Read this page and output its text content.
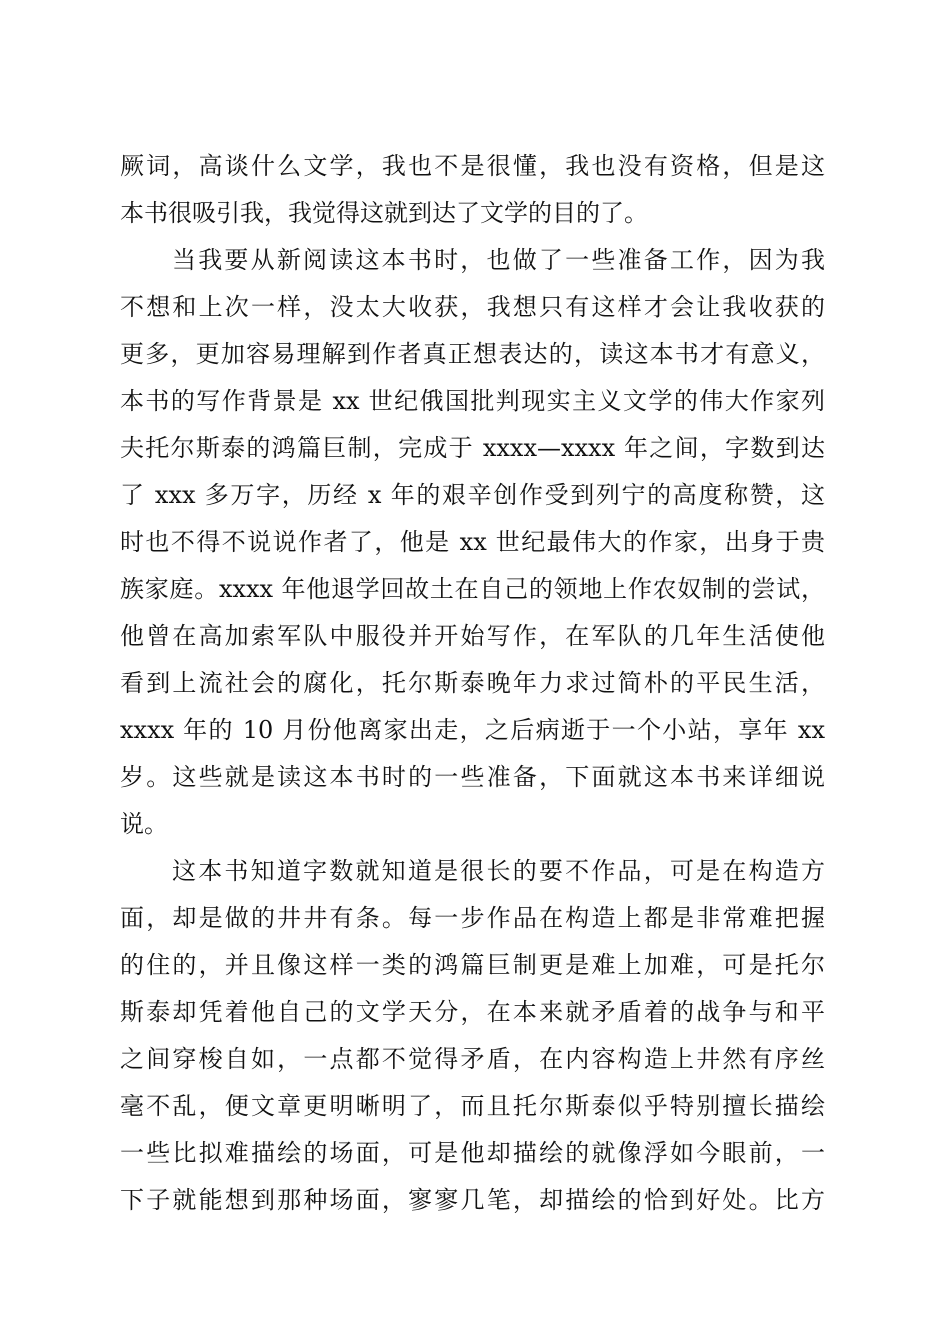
厥词，高谈什么文学，我也不是很懂，我也没有资格，但是这
本书很吸引我，我觉得这就到达了文学的目的了。
当我要从新阅读这本书时，也做了一些准备工作，因为我
不想和上次一样，没太大收获，我想只有这样才会让我收获的
更多，更加容易理解到作者真正想表达的，读这本书才有意义，
本书的写作背景是 xx 世纪俄国批判现实主义文学的伟大作家列
夫托尔斯泰的鸿篇巨制，完成于 xxxx—xxxx 年之间，字数到达
了 xxx 多万字，历经 x 年的艰辛创作受到列宁的高度称赞，这
时也不得不说说作者了，他是 xx 世纪最伟大的作家，出身于贵
族家庭。xxxx 年他退学回故土在自己的领地上作农奴制的尝试，
他曾在高加索军队中服役并开始写作，在军队的几年生活使他
看到上流社会的腐化，托尔斯泰晚年力求过简朴的平民生活，
xxxx 年的 10 月份他离家出走，之后病逝于一个小站，享年 xx
岁。这些就是读这本书时的一些准备，下面就这本书来详细说
说。
这本书知道字数就知道是很长的要不作品，可是在构造方
面，却是做的井井有条。每一步作品在构造上都是非常难把握
的住的，并且像这样一类的鸿篇巨制更是难上加难，可是托尔
斯泰却凭着他自己的文学天分，在本来就矛盾着的战争与和平
之间穿梭自如，一点都不觉得矛盾，在内容构造上井然有序丝
毫不乱，便文章更明晰明了，而且托尔斯泰似乎特别擅长描绘
一些比拟难描绘的场面，可是他却描绘的就像浮如今眼前，一
下子就能想到那种场面，寥寥几笔，却描绘的恰到好处。比方
